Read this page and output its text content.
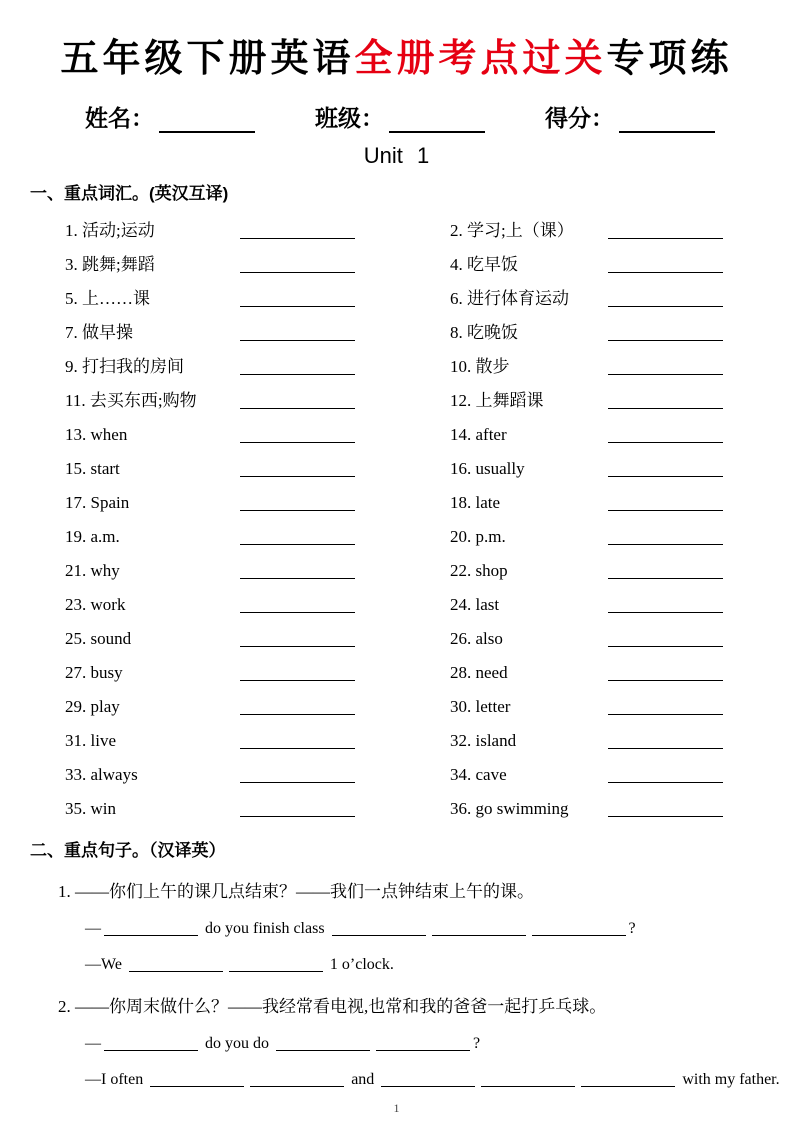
五年级下册英语全册考点过关专项练
姓名：	班级：	得分：
Unit 1
一、重点词汇。(英汉互译)
1. 活动;运动	2. 学习;上（课）
3. 跳舞;舞蹈	4. 吃早饭
5. 上……课	6. 进行体育运动
7. 做早操	8. 吃晚饭
9. 打扫我的房间	10. 散步
11. 去买东西;购物	12. 上舞蹈课
13. when	14. after
15. start	16. usually
17. Spain	18. late
19. a.m.	20. p.m.
21. why	22. shop
23. work	24. last
25. sound	26. also
27. busy	28. need
29. play	30. letter
31. live	32. island
33. always	34. cave
35. win	36. go swimming
二、重点句子。（汉译英）
1. ——你们上午的课几点结束？——我们一点钟结束上午的课。
—	do you finish class	?
—We	1 o’clock.
2. ——你周末做什么？——我经常看电视,也常和我的爸爸一起打乒乓球。
—	do you do	?
—I often	and	with my father.
1
